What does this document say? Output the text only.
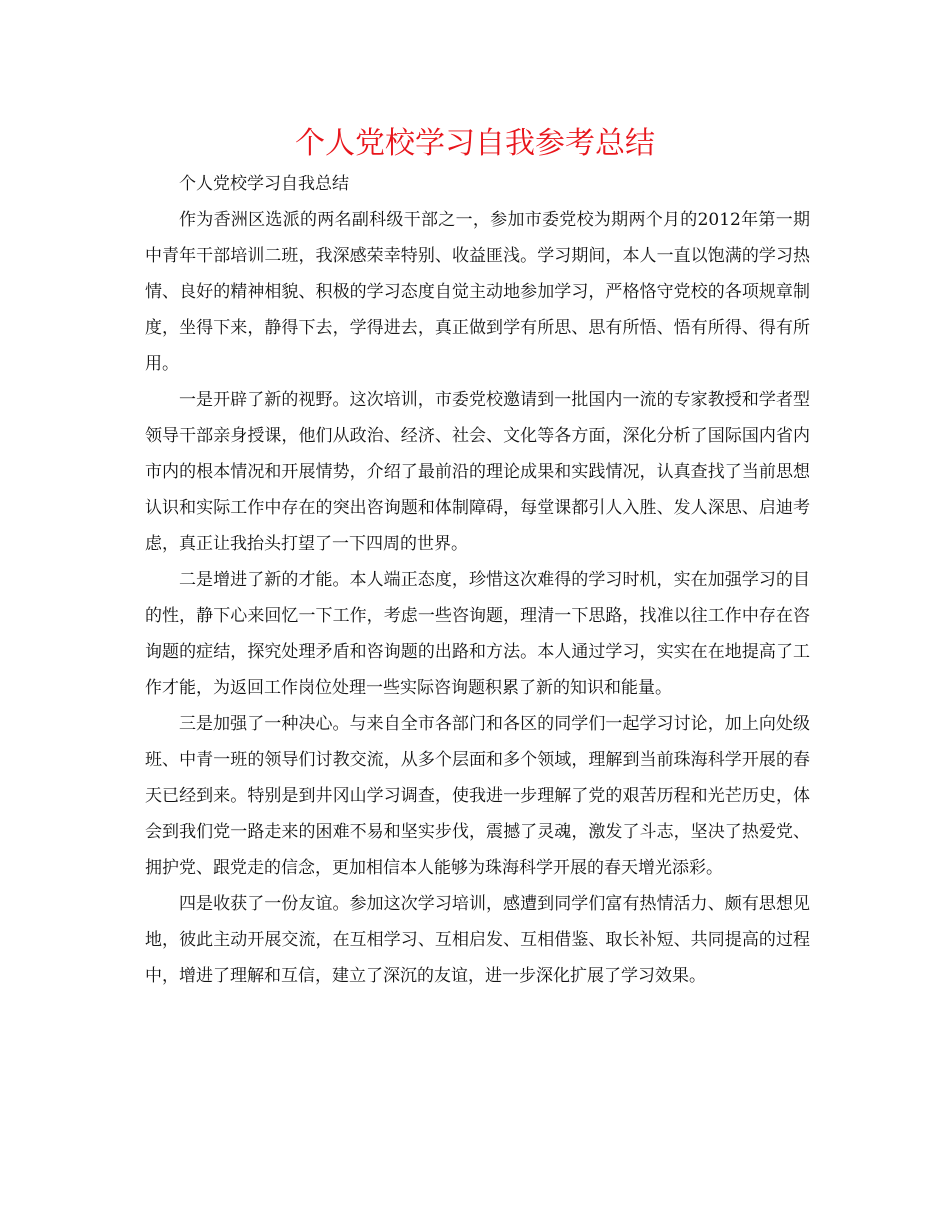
个人党校学习自我参考总结

个人党校学习自我总结

作为香洲区选派的两名副科级干部之一，参加市委党校为期两个月的2012年第一期中青年干部培训二班，我深感荣幸特别、收益匪浅。学习期间，本人一直以饱满的学习热情、良好的精神相貌、积极的学习态度自觉主动地参加学习，严格恪守党校的各项规章制度，坐得下来，静得下去，学得进去，真正做到学有所思、思有所悟、悟有所得、得有所用。

一是开辟了新的视野。这次培训，市委党校邀请到一批国内一流的专家教授和学者型领导干部亲身授课，他们从政治、经济、社会、文化等各方面，深化分析了国际国内省内市内的根本情况和开展情势，介绍了最前沿的理论成果和实践情况，认真查找了当前思想认识和实际工作中存在的突出咨询题和体制障碍，每堂课都引人入胜、发人深思、启迪考虑，真正让我抬头打望了一下四周的世界。

二是增进了新的才能。本人端正态度，珍惜这次难得的学习时机，实在加强学习的目的性，静下心来回忆一下工作，考虑一些咨询题，理清一下思路，找准以往工作中存在咨询题的症结，探究处理矛盾和咨询题的出路和方法。本人通过学习，实实在在地提高了工作才能，为返回工作岗位处理一些实际咨询题积累了新的知识和能量。

三是加强了一种决心。与来自全市各部门和各区的同学们一起学习讨论，加上向处级班、中青一班的领导们讨教交流，从多个层面和多个领域，理解到当前珠海科学开展的春天已经到来。特别是到井冈山学习调查，使我进一步理解了党的艰苦历程和光芒历史，体会到我们党一路走来的困难不易和坚实步伐，震撼了灵魂，激发了斗志，坚决了热爱党、拥护党、跟党走的信念，更加相信本人能够为珠海科学开展的春天增光添彩。

四是收获了一份友谊。参加这次学习培训，感遭到同学们富有热情活力、颇有思想见地，彼此主动开展交流，在互相学习、互相启发、互相借鉴、取长补短、共同提高的过程中，增进了理解和互信，建立了深沉的友谊，进一步深化扩展了学习效果。
